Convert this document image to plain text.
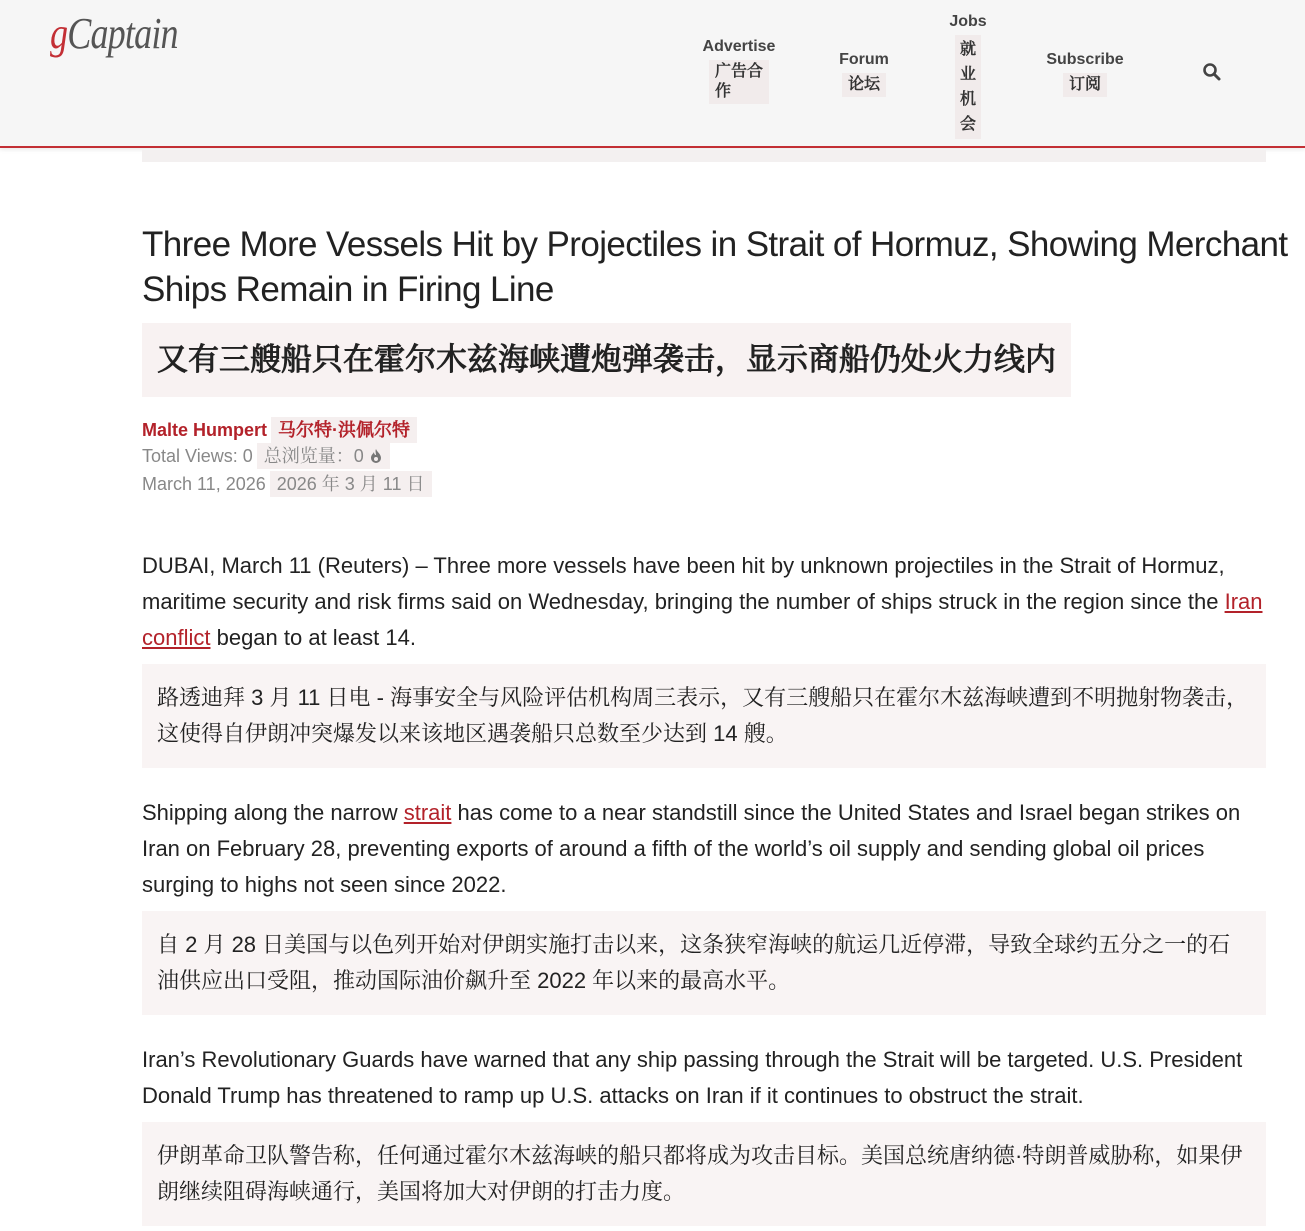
gCaptain	Advertise
广告合作
Forum
论坛
Jobs
就
业
机
会
Subscribe
订阅
Three More Vessels Hit by Projectiles in Strait of Hormuz, Showing Merchant Ships Remain in Firing Line
又有三艘船只在霍尔木兹海峡遭炮弹袭击，显示商船仍处火力线内
Malte Humpert 马尔特·洪佩尔特
Total Views: 0 总浏览量：0
March 11, 2026 2026 年 3 月 11 日

DUBAI, March 11 (Reuters) – Three more vessels have been hit by unknown projectiles in the Strait of Hormuz, maritime security and risk firms said on Wednesday, bringing the number of ships struck in the region since the Iran conflict began to at least 14.

路透迪拜 3 月 11 日电 - 海事安全与风险评估机构周三表示，又有三艘船只在霍尔木兹海峡遭到不明抛射物袭击，这使得自伊朗冲突爆发以来该地区遇袭船只总数至少达到 14 艘。

Shipping along the narrow strait has come to a near standstill since the United States and Israel began strikes on Iran on February 28, preventing exports of around a fifth of the world’s oil supply and sending global oil prices surging to highs not seen since 2022.

自 2 月 28 日美国与以色列开始对伊朗实施打击以来，这条狭窄海峡的航运几近停滞，导致全球约五分之一的石油供应出口受阻，推动国际油价飙升至 2022 年以来的最高水平。

Iran’s Revolutionary Guards have warned that any ship passing through the Strait will be targeted. U.S. President Donald Trump has threatened to ramp up U.S. attacks on Iran if it continues to obstruct the strait.

伊朗革命卫队警告称，任何通过霍尔木兹海峡的船只都将成为攻击目标。美国总统唐纳德·特朗普威胁称，如果伊朗继续阻碍海峡通行，美国将加大对伊朗的打击力度。
